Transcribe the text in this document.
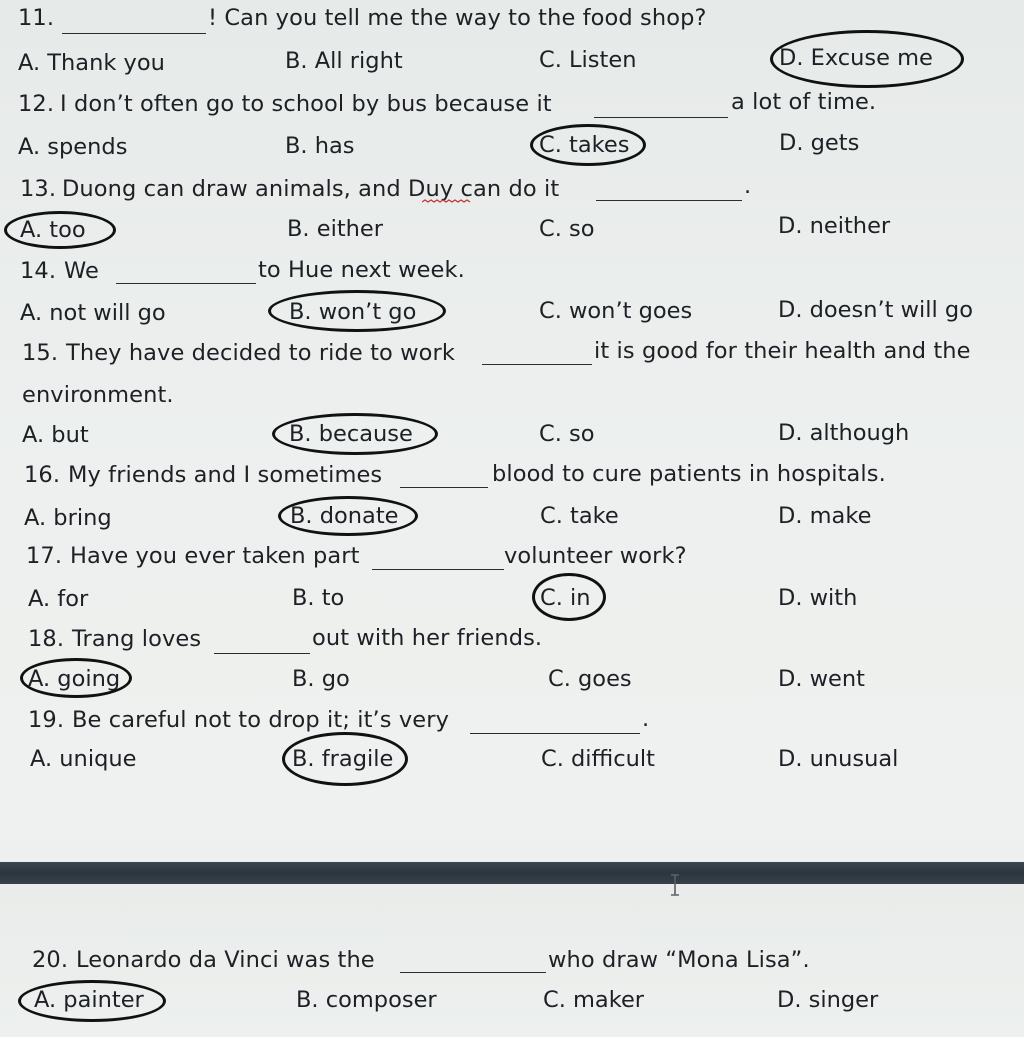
11.	! Can you tell me the way to the food shop?
A. Thank you	B. All right	C. Listen	D. Excuse me
12. I don’t often go to school by bus because it	a lot of time.
A. spends	B. has	C. takes	D. gets
13. Duong can draw animals, and Duy can do it	.
A. too	B. either	C. so	D. neither
14. We	to Hue next week.
A. not will go	B. won’t go	C. won’t goes	D. doesn’t will go
15. They have decided to ride to work	it is good for their health and the
environment.
A. but	B. because	C. so	D. although
16. My friends and I sometimes	blood to cure patients in hospitals.
A. bring	B. donate	C. take	D. make
17. Have you ever taken part	volunteer work?
A. for	B. to	C. in	D. with
18. Trang loves	out with her friends.
A. going	B. go	C. goes	D. went
19. Be careful not to drop it; it’s very	.
A. unique	B. fragile	C. difficult	D. unusual
20. Leonardo da Vinci was the	who draw “Mona Lisa”.
A. painter	B. composer	C. maker	D. singer
